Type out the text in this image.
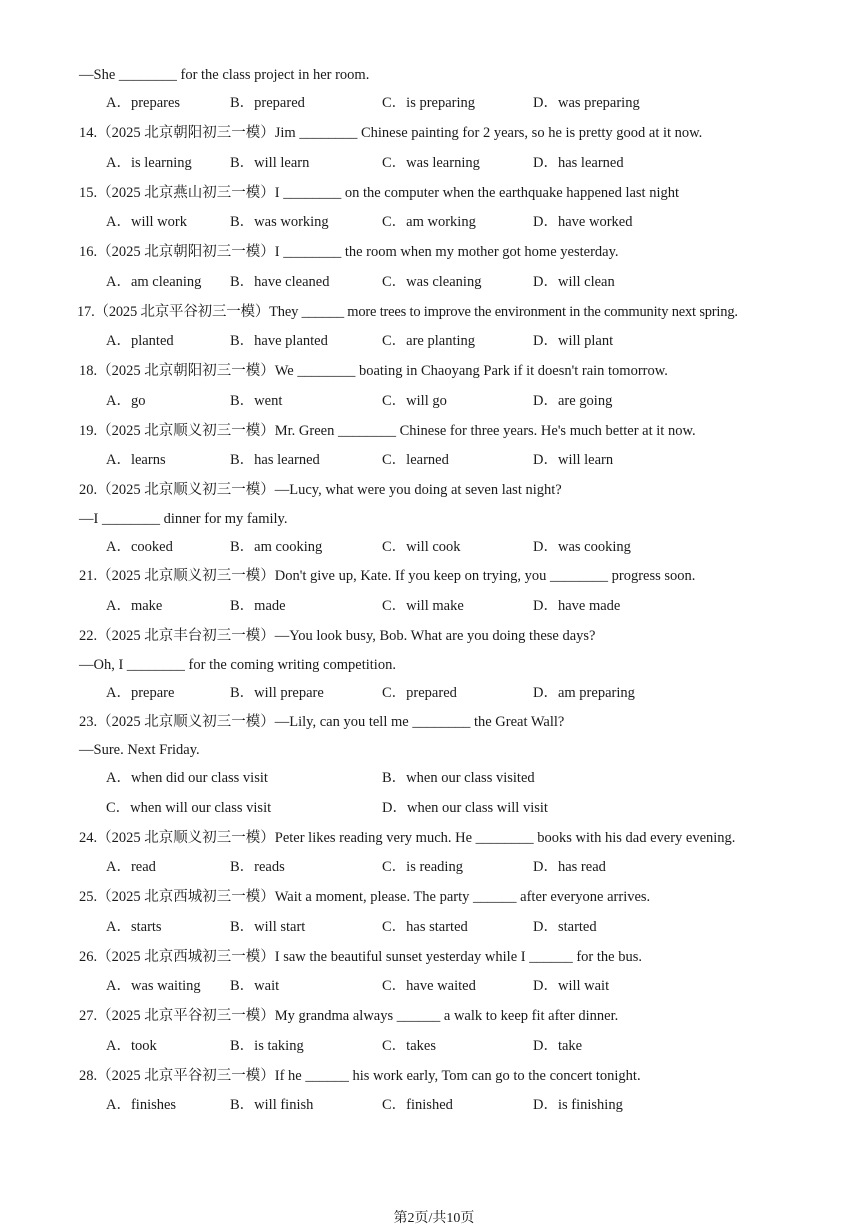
—She ________ for the class project in her room.
A．prepares	B．prepared	C．is preparing	D．was preparing
14.（2025 北京朝阳初三一模）Jim ________ Chinese painting for 2 years, so he is pretty good at it now.
A．is learning	B．will learn	C．was learning	D．has learned
15.（2025 北京燕山初三一模）I ________ on the computer when the earthquake happened last night
A．will work	B．was working	C．am working	D．have worked
16.（2025 北京朝阳初三一模）I ________ the room when my mother got home yesterday.
A．am cleaning B．have cleaned	C．was cleaning	D．will clean
17.（2025 北京平谷初三一模）They ______ more trees to improve the environment in the community next spring.
A．planted	B．have planted	C．are planting	D．will plant
18.（2025 北京朝阳初三一模）We ________ boating in Chaoyang Park if it doesn't rain tomorrow.
A．go	B．went	C．will go	D．are going
19.（2025 北京顺义初三一模）Mr. Green ________ Chinese for three years. He's much better at it now.
A．learns	B．has learned	C．learned	D．will learn
20.（2025 北京顺义初三一模）—Lucy, what were you doing at seven last night?
—I ________ dinner for my family.
A．cooked	B．am cooking	C．will cook	D．was cooking
21.（2025 北京顺义初三一模）Don't give up, Kate. If you keep on trying, you ________ progress soon.
A．make	B．made	C．will make	D．have made
22.（2025 北京丰台初三一模）—You look busy, Bob. What are you doing these days?
—Oh, I ________ for the coming writing competition.
A．prepare	B．will prepare	C．prepared	D．am preparing
23.（2025 北京顺义初三一模）—Lily, can you tell me ________ the Great Wall?
—Sure. Next Friday.
A．when did our class visit	B．when our class visited
C．when will our class visit	D．when our class will visit
24.（2025 北京顺义初三一模）Peter likes reading very much. He ________ books with his dad every evening.
A．read	B．reads	C．is reading	D．has read
25.（2025 北京西城初三一模）Wait a moment, please. The party ______ after everyone arrives.
A．starts	B．will start	C．has started	D．started
26.（2025 北京西城初三一模）I saw the beautiful sunset yesterday while I ______ for the bus.
A．was waiting B．wait	C．have waited	D．will wait
27.（2025 北京平谷初三一模）My grandma always ______ a walk to keep fit after dinner.
A．took	B．is taking	C．takes	D．take
28.（2025 北京平谷初三一模）If he ______ his work early, Tom can go to the concert tonight.
A．finishes	B．will finish	C．finished	D．is finishing
第2页/共10页
